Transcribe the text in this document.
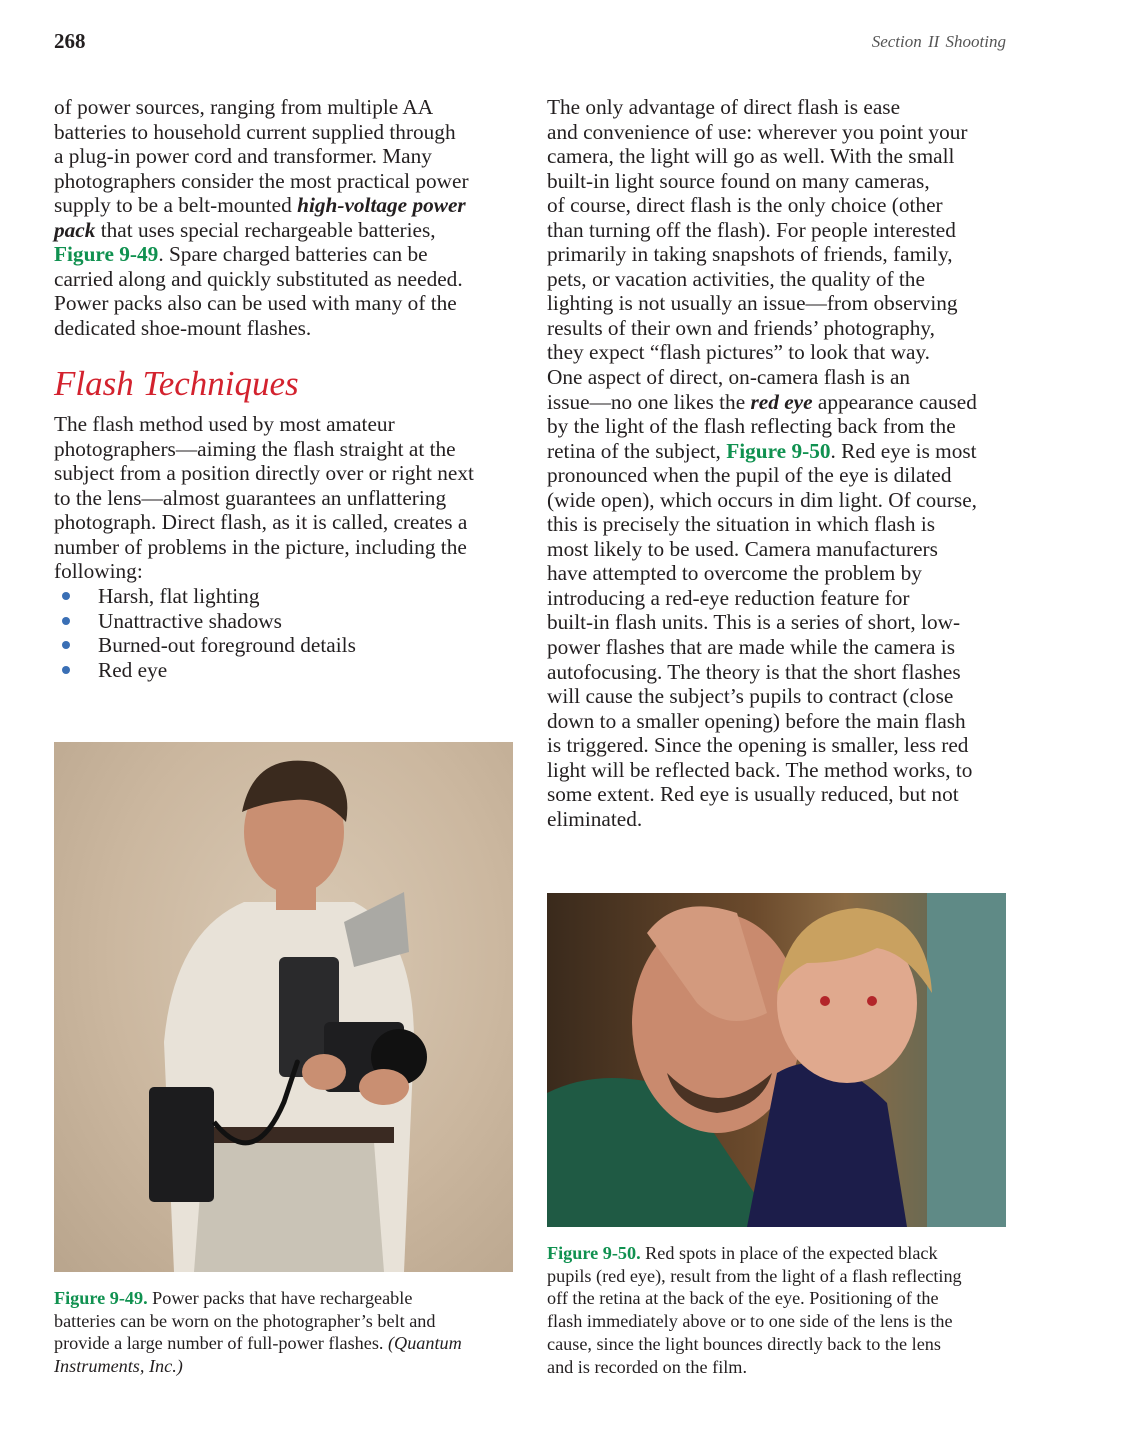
268	Section II Shooting
of power sources, ranging from multiple AA
batteries to household current supplied through
a plug-in power cord and transformer. Many
photographers consider the most practical power
supply to be a belt-mounted high-voltage power
pack that uses special rechargeable batteries,
Figure 9-49. Spare charged batteries can be
carried along and quickly substituted as needed.
Power packs also can be used with many of the
dedicated shoe-mount flashes.
Flash Techniques
The flash method used by most amateur
photographers—aiming the flash straight at the
subject from a position directly over or right next
to the lens—almost guarantees an unflattering
photograph. Direct flash, as it is called, creates a
number of problems in the picture, including the
following:
Harsh, flat lighting
Unattractive shadows
Burned-out foreground details
Red eye
The only advantage of direct flash is ease
and convenience of use: wherever you point your
camera, the light will go as well. With the small
built-in light source found on many cameras,
of course, direct flash is the only choice (other
than turning off the flash). For people interested
primarily in taking snapshots of friends, family,
pets, or vacation activities, the quality of the
lighting is not usually an issue—from observing
results of their own and friends’ photography,
they expect “flash pictures” to look that way.
One aspect of direct, on-camera flash is an
issue—no one likes the red eye appearance caused
by the light of the flash reflecting back from the
retina of the subject, Figure 9-50. Red eye is most
pronounced when the pupil of the eye is dilated
(wide open), which occurs in dim light. Of course,
this is precisely the situation in which flash is
most likely to be used. Camera manufacturers
have attempted to overcome the problem by
introducing a red-eye reduction feature for
built-in flash units. This is a series of short, low-
power flashes that are made while the camera is
autofocusing. The theory is that the short flashes
will cause the subject’s pupils to contract (close
down to a smaller opening) before the main flash
is triggered. Since the opening is smaller, less red
light will be reflected back. The method works, to
some extent. Red eye is usually reduced, but not
eliminated.
Figure 9-49. Power packs that have rechargeable
batteries can be worn on the photographer’s belt and
provide a large number of full-power flashes. (Quantum
Instruments, Inc.)
Figure 9-50. Red spots in place of the expected black
pupils (red eye), result from the light of a flash reflecting
off the retina at the back of the eye. Positioning of the
flash immediately above or to one side of the lens is the
cause, since the light bounces directly back to the lens
and is recorded on the film.
